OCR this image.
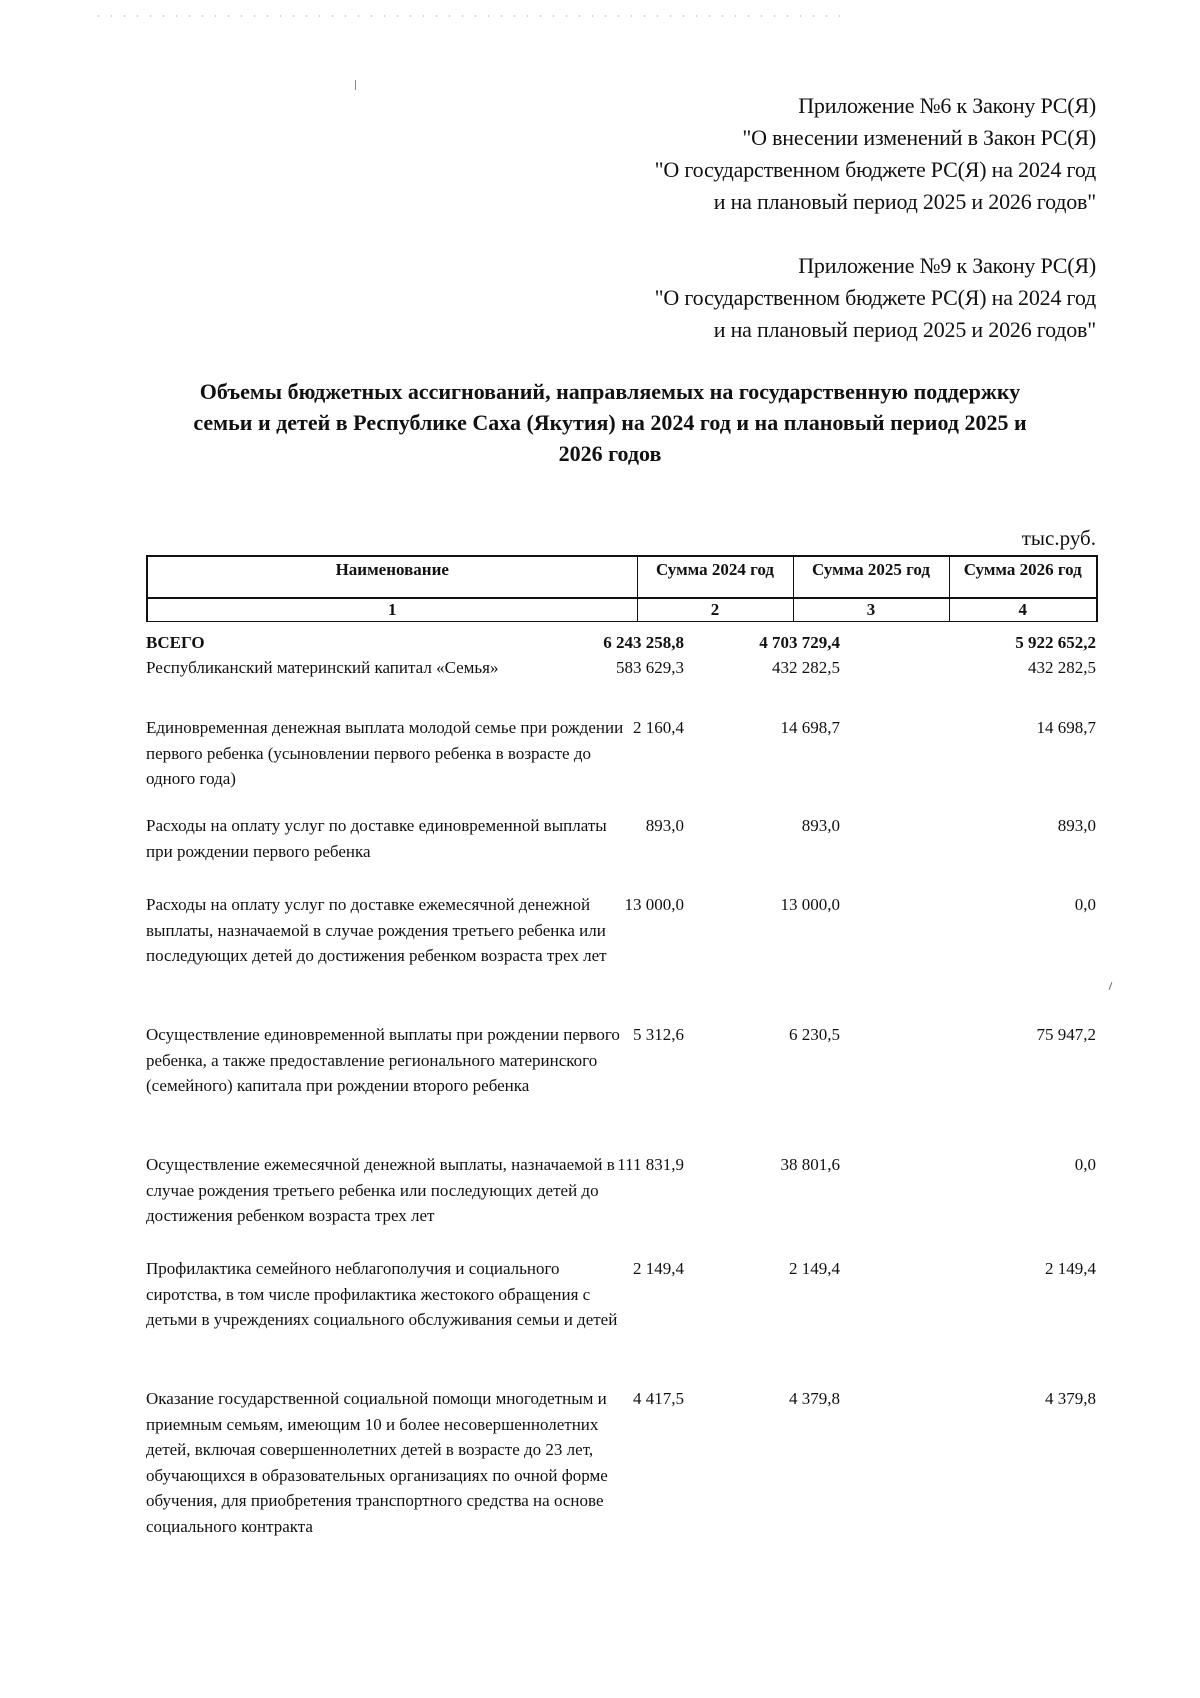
Приложение №6 к Закону РС(Я)
"О внесении изменений в Закон РС(Я)
"О государственном бюджете РС(Я) на 2024 год
и на плановый период 2025 и 2026 годов"
Приложение №9 к Закону РС(Я)
"О государственном бюджете РС(Я) на 2024 год
и на плановый период 2025 и 2026 годов"
Объемы бюджетных ассигнований, направляемых на государственную поддержку
семьи и детей в Республике Саха (Якутия) на 2024 год и на плановый период 2025 и
2026 годов
тыс.руб.
Наименование	Сумма 2024 год	Сумма 2025 год	Сумма 2026 год
1	2	3	4
ВСЕГО	6 243 258,8	4 703 729,4	5 922 652,2
Республиканский материнский капитал «Семья»	583 629,3	432 282,5	432 282,5
Единовременная денежная выплата молодой семье при рождении первого ребенка (усыновлении первого ребенка в возрасте до одного года)
2 160,4	14 698,7	14 698,7
Расходы на оплату услуг по доставке единовременной выплаты при рождении первого ребенка
893,0	893,0	893,0
Расходы на оплату услуг по доставке ежемесячной денежной выплаты, назначаемой в случае рождения третьего ребенка или последующих детей до достижения ребенком возраста трех лет
13 000,0	13 000,0	0,0
Осуществление единовременной выплаты при рождении первого ребенка, а также предоставление регионального материнского (семейного) капитала при рождении второго ребенка
5 312,6	6 230,5	75 947,2
Осуществление ежемесячной денежной выплаты, назначаемой в случае рождения третьего ребенка или последующих детей до достижения ребенком возраста трех лет
111 831,9	38 801,6	0,0
Профилактика семейного неблагополучия и социального сиротства, в том числе профилактика жестокого обращения с детьми в учреждениях социального обслуживания семьи и детей
2 149,4	2 149,4	2 149,4
Оказание государственной социальной помощи многодетным и приемным семьям, имеющим 10 и более несовершеннолетних детей, включая совершеннолетних детей в возрасте до 23 лет, обучающихся в образовательных организациях по очной форме обучения, для приобретения транспортного средства на основе социального контракта
4 417,5	4 379,8	4 379,8
